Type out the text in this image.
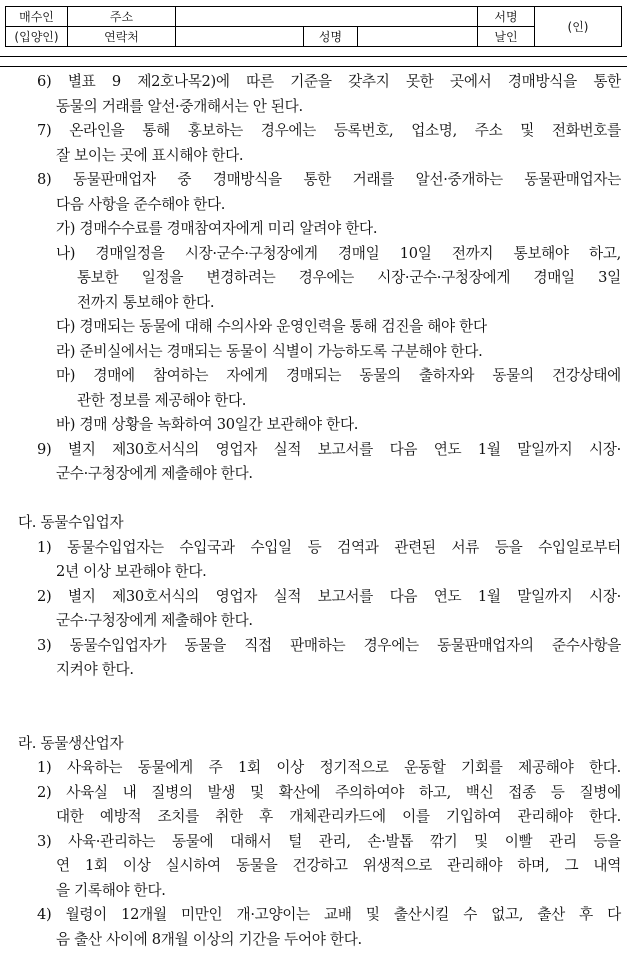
매수인	주소				서명	(인)
(입양인)	연락처		성명		날인	
6) 별표 9 제2호나목2)에 따른 기준을 갖추지 못한 곳에서 경매방식을 통한
동물의 거래를 알선·중개해서는 안 된다.
7) 온라인을 통해 홍보하는 경우에는 등록번호, 업소명, 주소 및 전화번호를
잘 보이는 곳에 표시해야 한다.
8) 동물판매업자 중 경매방식을 통한 거래를 알선·중개하는 동물판매업자는
다음 사항을 준수해야 한다.
가) 경매수수료를 경매참여자에게 미리 알려야 한다.
나) 경매일정을 시장·군수·구청장에게 경매일 10일 전까지 통보해야 하고,
통보한 일정을 변경하려는 경우에는 시장·군수·구청장에게 경매일 3일
전까지 통보해야 한다.
다) 경매되는 동물에 대해 수의사와 운영인력을 통해 검진을 해야 한다
라) 준비실에서는 경매되는 동물이 식별이 가능하도록 구분해야 한다.
마) 경매에 참여하는 자에게 경매되는 동물의 출하자와 동물의 건강상태에
관한 정보를 제공해야 한다.
바) 경매 상황을 녹화하여 30일간 보관해야 한다.
9) 별지 제30호서식의 영업자 실적 보고서를 다음 연도 1월 말일까지 시장·
군수·구청장에게 제출해야 한다.
다. 동물수입업자
1) 동물수입업자는 수입국과 수입일 등 검역과 관련된 서류 등을 수입일로부터
2년 이상 보관해야 한다.
2) 별지 제30호서식의 영업자 실적 보고서를 다음 연도 1월 말일까지 시장·
군수·구청장에게 제출해야 한다.
3) 동물수입업자가 동물을 직접 판매하는 경우에는 동물판매업자의 준수사항을
지켜야 한다.
라. 동물생산업자
1) 사육하는 동물에게 주 1회 이상 정기적으로 운동할 기회를 제공해야 한다.
2) 사육실 내 질병의 발생 및 확산에 주의하여야 하고, 백신 접종 등 질병에
대한 예방적 조치를 취한 후 개체관리카드에 이를 기입하여 관리해야 한다.
3) 사육·관리하는 동물에 대해서 털 관리, 손·발톱 깎기 및 이빨 관리 등을
연 1회 이상 실시하여 동물을 건강하고 위생적으로 관리해야 하며, 그 내역
을 기록해야 한다.
4) 월령이 12개월 미만인 개·고양이는 교배 및 출산시킬 수 없고, 출산 후 다
음 출산 사이에 8개월 이상의 기간을 두어야 한다.
